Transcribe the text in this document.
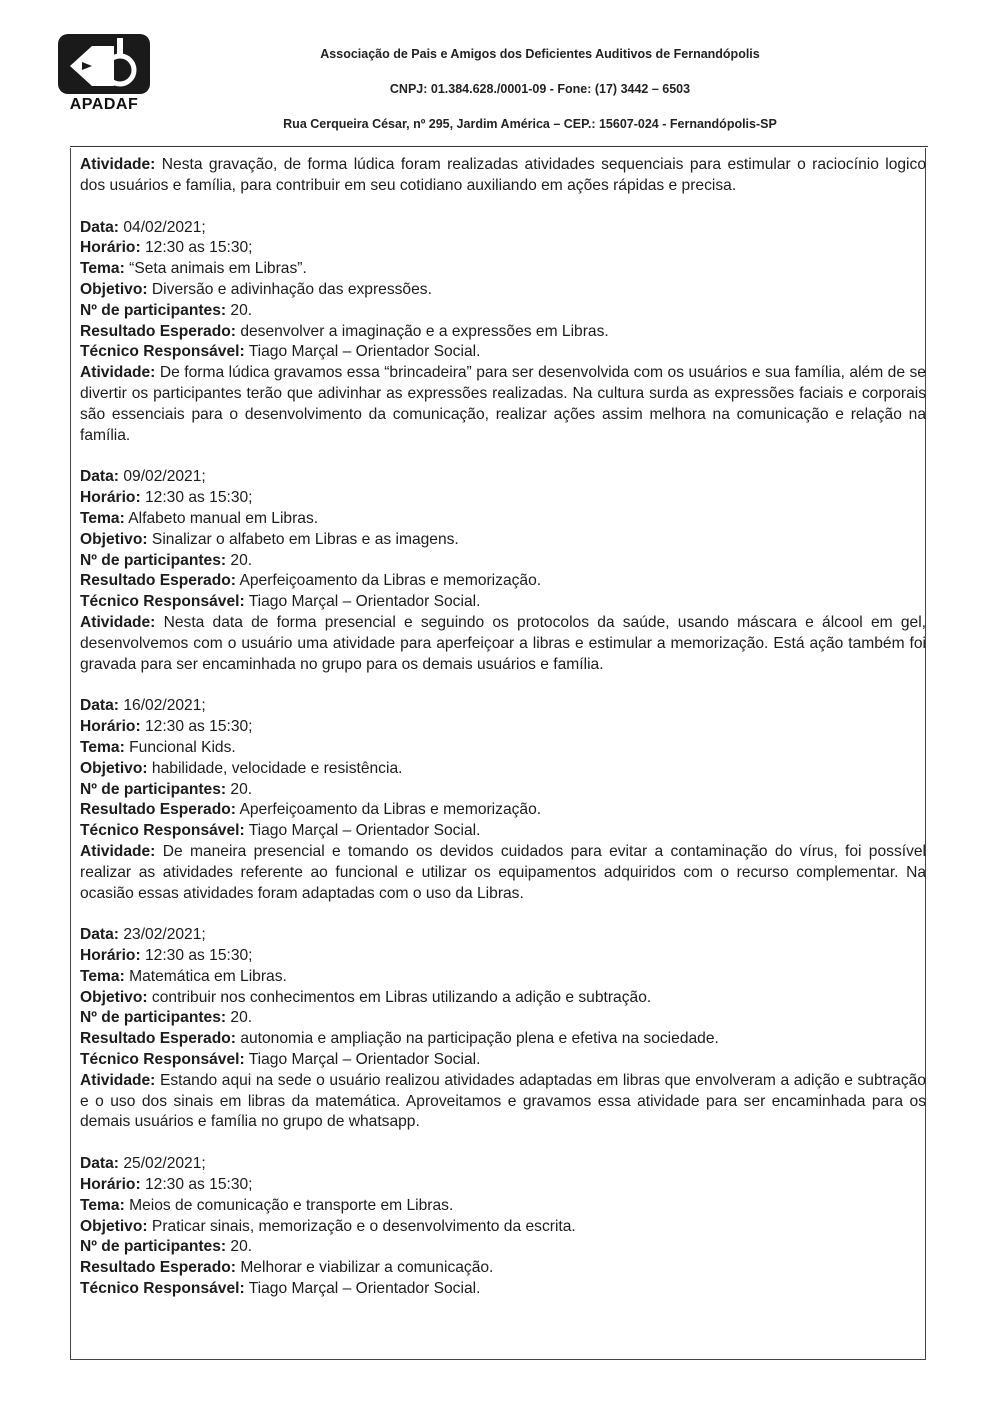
APADAF
Associação de Pais e Amigos dos Deficientes Auditivos de Fernandópolis
CNPJ: 01.384.628./0001-09 - Fone: (17) 3442 – 6503
Rua Cerqueira César, nº 295, Jardim América – CEP.: 15607-024 - Fernandópolis-SP

Atividade: Nesta gravação, de forma lúdica foram realizadas atividades sequenciais para estimular o raciocínio logico dos usuários e família, para contribuir em seu cotidiano auxiliando em ações rápidas e precisa.

Data: 04/02/2021;

Horário: 12:30 as 15:30;

Tema: “Seta animais em Libras”.

Objetivo: Diversão e adivinhação das expressões.

Nº de participantes: 20.

Resultado Esperado: desenvolver a imaginação e a expressões em Libras.

Técnico Responsável: Tiago Marçal – Orientador Social.

Atividade: De forma lúdica gravamos essa “brincadeira” para ser desenvolvida com os usuários e sua família, além de se divertir os participantes terão que adivinhar as expressões realizadas. Na cultura surda as expressões faciais e corporais são essenciais para o desenvolvimento da comunicação, realizar ações assim melhora na comunicação e relação na família.

Data: 09/02/2021;

Horário: 12:30 as 15:30;

Tema: Alfabeto manual em Libras.

Objetivo: Sinalizar o alfabeto em Libras e as imagens.

Nº de participantes: 20.

Resultado Esperado: Aperfeiçoamento da Libras e memorização.

Técnico Responsável: Tiago Marçal – Orientador Social.

Atividade: Nesta data de forma presencial e seguindo os protocolos da saúde, usando máscara e álcool em gel, desenvolvemos com o usuário uma atividade para aperfeiçoar a libras e estimular a memorização. Está ação também foi gravada para ser encaminhada no grupo para os demais usuários e família.

Data: 16/02/2021;

Horário: 12:30 as 15:30;

Tema: Funcional Kids.

Objetivo: habilidade, velocidade e resistência.

Nº de participantes: 20.

Resultado Esperado: Aperfeiçoamento da Libras e memorização.

Técnico Responsável: Tiago Marçal – Orientador Social.

Atividade: De maneira presencial e tomando os devidos cuidados para evitar a contaminação do vírus, foi possível realizar as atividades referente ao funcional e utilizar os equipamentos adquiridos com o recurso complementar. Na ocasião essas atividades foram adaptadas com o uso da Libras.

Data: 23/02/2021;

Horário: 12:30 as 15:30;

Tema: Matemática em Libras.

Objetivo: contribuir nos conhecimentos em Libras utilizando a adição e subtração.

Nº de participantes: 20.

Resultado Esperado: autonomia e ampliação na participação plena e efetiva na sociedade.

Técnico Responsável: Tiago Marçal – Orientador Social.

Atividade: Estando aqui na sede o usuário realizou atividades adaptadas em libras que envolveram a adição e subtração e o uso dos sinais em libras da matemática. Aproveitamos e gravamos essa atividade para ser encaminhada para os demais usuários e família no grupo de whatsapp.

Data: 25/02/2021;

Horário: 12:30 as 15:30;

Tema: Meios de comunicação e transporte em Libras.

Objetivo: Praticar sinais, memorização e o desenvolvimento da escrita.

Nº de participantes: 20.

Resultado Esperado: Melhorar e viabilizar a comunicação.

Técnico Responsável: Tiago Marçal – Orientador Social.
